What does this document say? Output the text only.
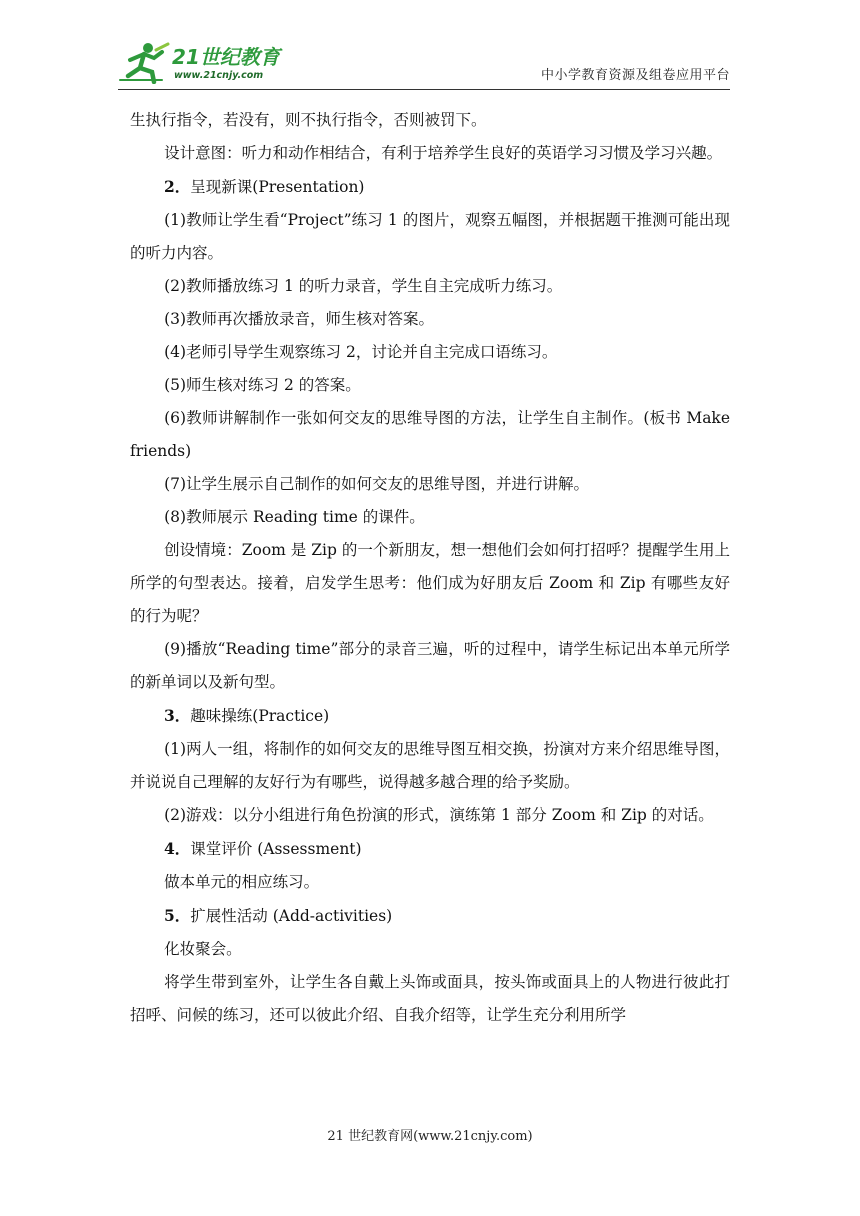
21世纪教育
www.21cnjy.com	中小学教育资源及组卷应用平台

生执行指令，若没有，则不执行指令，否则被罚下。

设计意图：听力和动作相结合，有利于培养学生良好的英语学习习惯及学习兴趣。

2．呈现新课(Presentation)

(1)教师让学生看“Project”练习 1 的图片，观察五幅图，并根据题干推测可能出现的听力内容。

(2)教师播放练习 1 的听力录音，学生自主完成听力练习。

(3)教师再次播放录音，师生核对答案。

(4)老师引导学生观察练习 2，讨论并自主完成口语练习。

(5)师生核对练习 2 的答案。

(6)教师讲解制作一张如何交友的思维导图的方法，让学生自主制作。(板书 Make friends)

(7)让学生展示自己制作的如何交友的思维导图，并进行讲解。

(8)教师展示 Reading time 的课件。

创设情境：Zoom 是 Zip 的一个新朋友，想一想他们会如何打招呼？提醒学生用上所学的句型表达。接着，启发学生思考：他们成为好朋友后 Zoom 和 Zip 有哪些友好的行为呢？

(9)播放“Reading time”部分的录音三遍，听的过程中，请学生标记出本单元所学的新单词以及新句型。

3．趣味操练(Practice)

(1)两人一组，将制作的如何交友的思维导图互相交换，扮演对方来介绍思维导图，并说说自己理解的友好行为有哪些，说得越多越合理的给予奖励。

(2)游戏：以分小组进行角色扮演的形式，演练第 1 部分 Zoom 和 Zip 的对话。

4．课堂评价 (Assessment)

做本单元的相应练习。

5．扩展性活动 (Add-activities)

化妆聚会。

将学生带到室外，让学生各自戴上头饰或面具，按头饰或面具上的人物进行彼此打招呼、问候的练习，还可以彼此介绍、自我介绍等，让学生充分利用所学

21 世纪教育网(www.21cnjy.com)
